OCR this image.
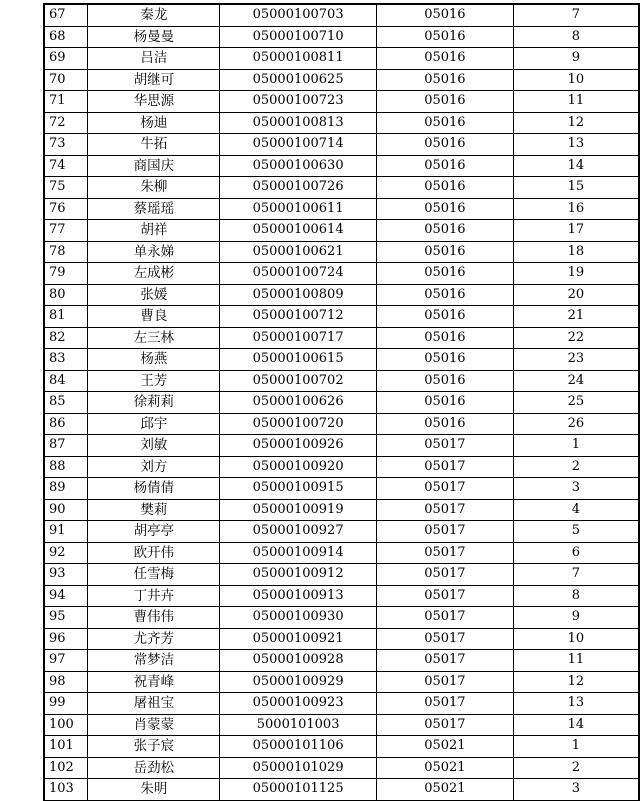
67	秦龙	05000100703	05016	7
68	杨曼曼	05000100710	05016	8
69	吕洁	05000100811	05016	9
70	胡继可	05000100625	05016	10
71	华思源	05000100723	05016	11
72	杨迪	05000100813	05016	12
73	牛拓	05000100714	05016	13
74	商国庆	05000100630	05016	14
75	朱柳	05000100726	05016	15
76	蔡瑶瑶	05000100611	05016	16
77	胡祥	05000100614	05016	17
78	单永娣	05000100621	05016	18
79	左成彬	05000100724	05016	19
80	张媛	05000100809	05016	20
81	曹良	05000100712	05016	21
82	左三林	05000100717	05016	22
83	杨燕	05000100615	05016	23
84	王芳	05000100702	05016	24
85	徐莉莉	05000100626	05016	25
86	邱宇	05000100720	05016	26
87	刘敏	05000100926	05017	1
88	刘方	05000100920	05017	2
89	杨倩倩	05000100915	05017	3
90	樊莉	05000100919	05017	4
91	胡亭亭	05000100927	05017	5
92	欧开伟	05000100914	05017	6
93	任雪梅	05000100912	05017	7
94	丁井卉	05000100913	05017	8
95	曹伟伟	05000100930	05017	9
96	尤齐芳	05000100921	05017	10
97	常梦洁	05000100928	05017	11
98	祝青峰	05000100929	05017	12
99	屠祖宝	05000100923	05017	13
100	肖蒙蒙	5000101003	05017	14
101	张子宸	05000101106	05021	1
102	岳劲松	05000101029	05021	2
103	朱明	05000101125	05021	3
